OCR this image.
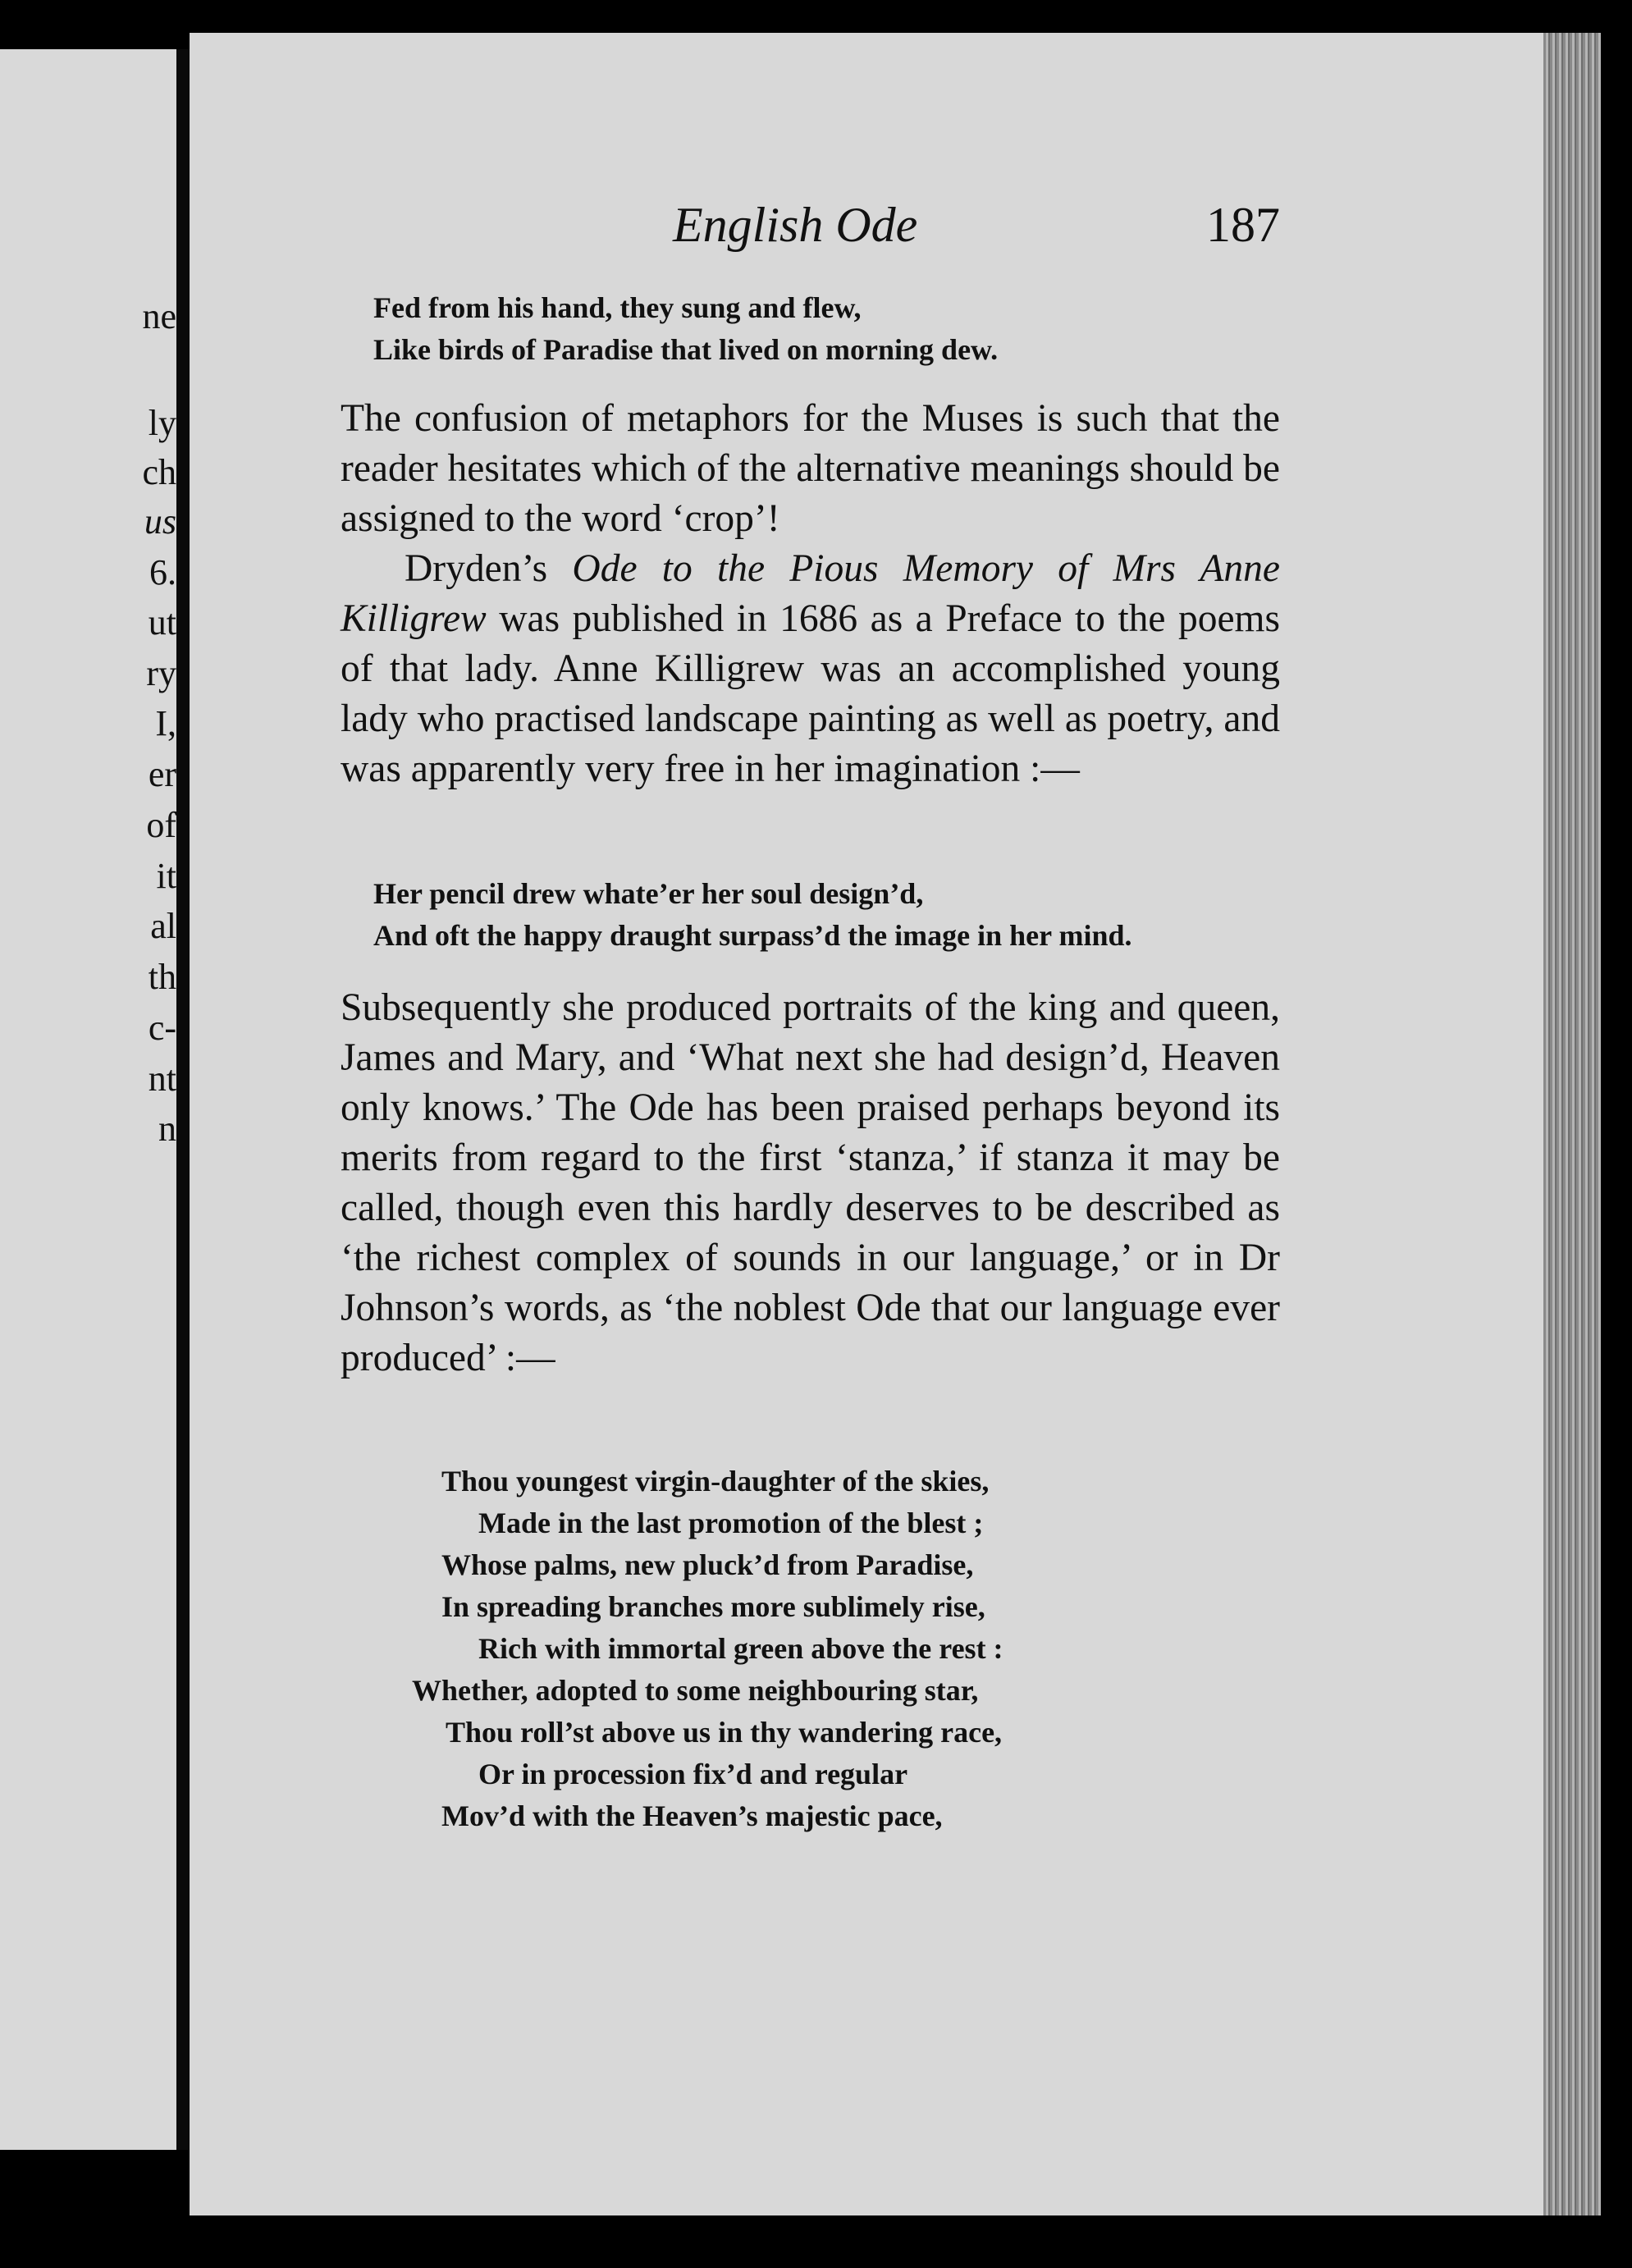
ne
ly
ch
us
6.
ut
ry
I,
er
of
it
al
th
c-
nt
n
English Ode	187

Fed from his hand, they sung and flew,

Like birds of Paradise that lived on morning dew.

The confusion of metaphors for the Muses is such that the reader hesitates which of the alternative meanings should be assigned to the word ‘crop’!

Dryden’s Ode to the Pious Memory of Mrs Anne Killigrew was published in 1686 as a Preface to the poems of that lady. Anne Killigrew was an accomplished young lady who practised landscape painting as well as poetry, and was apparently very free in her imagination :—

Her pencil drew whate’er her soul design’d,

And oft the happy draught surpass’d the image in her mind.

Subsequently she produced portraits of the king and queen, James and Mary, and ‘What next she had design’d, Heaven only knows.’ The Ode has been praised perhaps beyond its merits from regard to the first ‘stanza,’ if stanza it may be called, though even this hardly deserves to be described as ‘the richest complex of sounds in our language,’ or in Dr Johnson’s words, as ‘the noblest Ode that our language ever produced’ :—

Thou youngest virgin-daughter of the skies,

Made in the last promotion of the blest ;

Whose palms, new pluck’d from Paradise,

In spreading branches more sublimely rise,

Rich with immortal green above the rest :

Whether, adopted to some neighbouring star,

Thou roll’st above us in thy wandering race,

Or in procession fix’d and regular

Mov’d with the Heaven’s majestic pace,
